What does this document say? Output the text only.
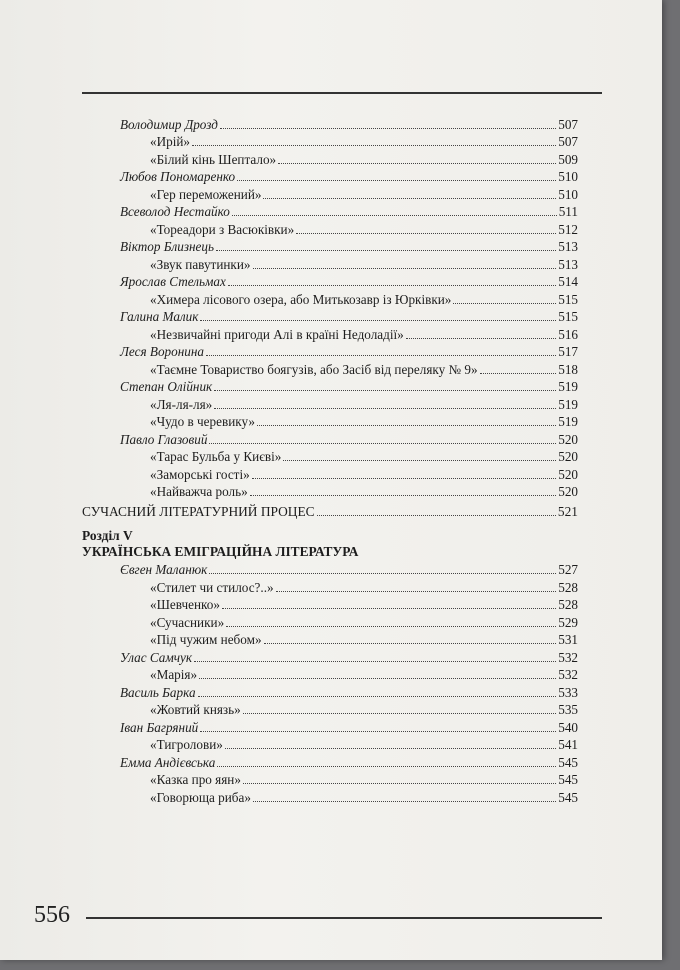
Володимир Дрозд	507
«Ирій»	507
«Білий кінь Шептало»	509
Любов Пономаренко	510
«Гер переможений»	510
Всеволод Нестайко	511
«Тореадори з Васюківки»	512
Віктор Близнець	513
«Звук павутинки»	513
Ярослав Стельмах	514
«Химера лісового озера, або Митькозавр із Юрківки»	515
Галина Малик	515
«Незвичайні пригоди Алі в країні Недоладії»	516
Леся Воронина	517
«Таємне Товариство боягузів, або Засіб від переляку № 9»	518
Степан Олійник	519
«Ля-ля-ля»	519
«Чудо в черевику»	519
Павло Глазовий	520
«Тарас Бульба у Києві»	520
«Заморські гості»	520
«Найважча роль»	520
СУЧАСНИЙ ЛІТЕРАТУРНИЙ ПРОЦЕС	521
Розділ V
УКРАЇНСЬКА ЕМІГРАЦІЙНА ЛІТЕРАТУРА
Євген Маланюк	527
«Стилет чи стилос?..»	528
«Шевченко»	528
«Сучасники»	529
«Під чужим небом»	531
Улас Самчук	532
«Марія»	532
Василь Барка	533
«Жовтий князь»	535
Іван Багряний	540
«Тигролови»	541
Емма Андієвська	545
«Казка про яян»	545
«Говорюща риба»	545
556
